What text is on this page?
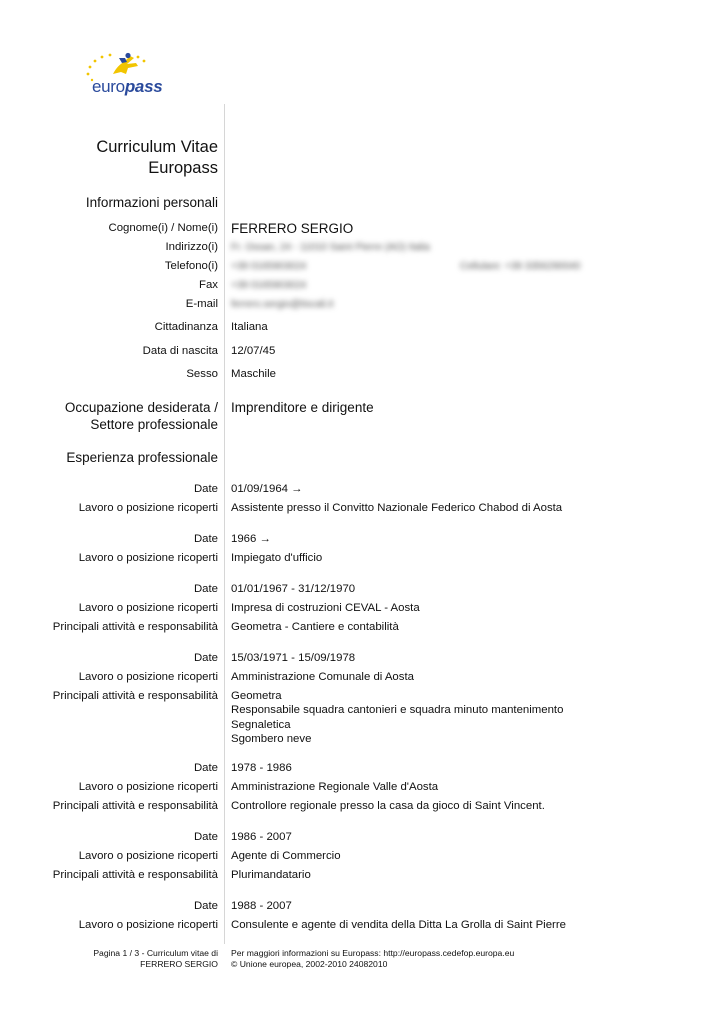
europass
Curriculum Vitae
Europass
Informazioni personali
Cognome(i) / Nome(i) FERRERO SERGIO
Indirizzo(i) Fr. Ossan, 24 - 11010 Saint Pierre (AO) Italia
Telefono(i) +39 0165903024	Cellulare: +39 3356290040
Fax +39 0165903024
E-mail ferrero.sergio@tiscali.it
Cittadinanza Italiana
Data di nascita 12/07/45
Sesso Maschile
Occupazione desiderata /
Settore professionale
Imprenditore e dirigente
Esperienza professionale
Date 01/09/1964 →
Lavoro o posizione ricoperti Assistente presso il Convitto Nazionale Federico Chabod di Aosta
Date 1966 →
Lavoro o posizione ricoperti Impiegato d'ufficio
Date 01/01/1967 - 31/12/1970
Lavoro o posizione ricoperti Impresa di costruzioni CEVAL - Aosta
Principali attività e responsabilità Geometra - Cantiere e contabilità
Date 15/03/1971 - 15/09/1978
Lavoro o posizione ricoperti Amministrazione Comunale di Aosta
Principali attività e responsabilità Geometra
Responsabile squadra cantonieri e squadra minuto mantenimento
Segnaletica
Sgombero neve
Date 1978 - 1986
Lavoro o posizione ricoperti Amministrazione Regionale Valle d'Aosta
Principali attività e responsabilità Controllore regionale presso la casa da gioco di Saint Vincent.
Date 1986 - 2007
Lavoro o posizione ricoperti Agente di Commercio
Principali attività e responsabilità Plurimandatario
Date 1988 - 2007
Lavoro o posizione ricoperti Consulente e agente di vendita della Ditta La Grolla di Saint Pierre
Pagina 1 / 3 - Curriculum vitae di
FERRERO SERGIO
Per maggiori informazioni su Europass: http://europass.cedefop.europa.eu
© Unione europea, 2002-2010 24082010
